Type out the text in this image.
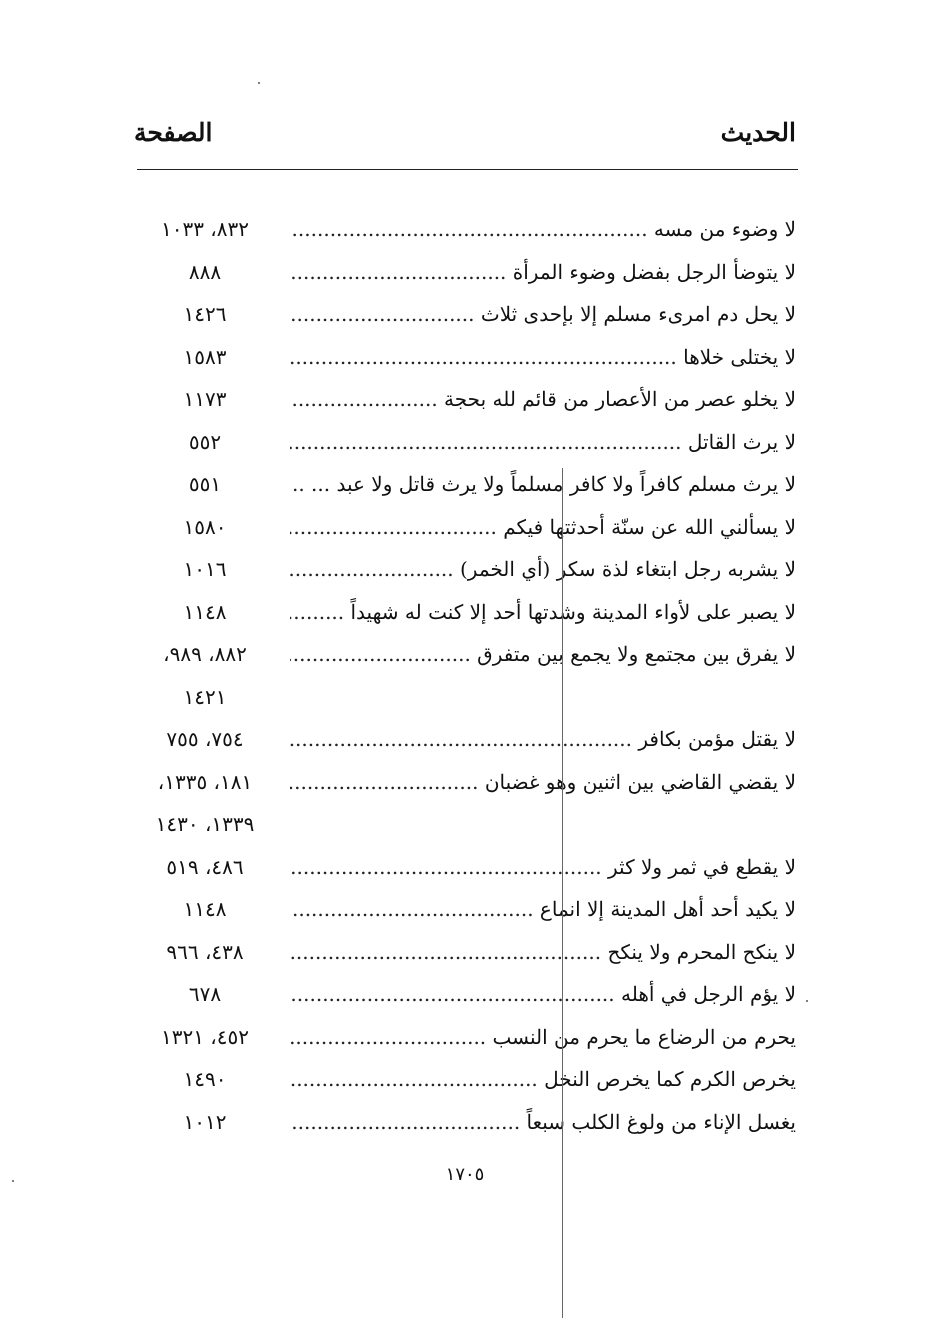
الحديث
الصفحة
لا وضوء من مسه .....
٨٣٢، ١٠٣٣
لا يتوضأ الرجل بفضل وضوء المرأة .....
٨٨٨
لا يحل دم امرىء مسلم إلا بإحدى ثلاث .....
١٤٢٦
لا يختلى خلاها .....
١٥٨٣
لا يخلو عصر من الأعصار من قائم لله بحجة .....
١١٧٣
لا يرث القاتل .....
٥٥٢
لا يرث مسلم كافراً ولا كافر مسلماً ولا يرث قاتل ولا عبد ... .....
٥٥١
لا يسألني الله عن سنّة أحدثتها فيكم .....
١٥٨٠
لا يشربه رجل ابتغاء لذة سكر (أي الخمر) .....
١٠١٦
لا يصبر على لأواء المدينة وشدتها أحد إلا كنت له شهيداً .....
١١٤٨
لا يفرق بين مجتمع ولا يجمع بين متفرق .....
٨٨٢، ٩٨٩،
١٤٢١
لا يقتل مؤمن بكافر .....
٧٥٤، ٧٥٥
لا يقضي القاضي بين اثنين وهو غضبان .....
١٨١، ١٣٣٥،
١٣٣٩، ١٤٣٠
لا يقطع في ثمر ولا كثر .....
٤٨٦، ٥١٩
لا يكيد أحد أهل المدينة إلا انماع .....
١١٤٨
لا ينكح المحرم ولا ينكح .....
٤٣٨، ٩٦٦
لا يؤم الرجل في أهله .....
٦٧٨
يحرم من الرضاع ما يحرم من النسب .....
٤٥٢، ١٣٢١
يخرص الكرم كما يخرص النخل .....
١٤٩٠
يغسل الإناء من ولوغ الكلب سبعاً .....
١٠١٢
١٧٠٥
